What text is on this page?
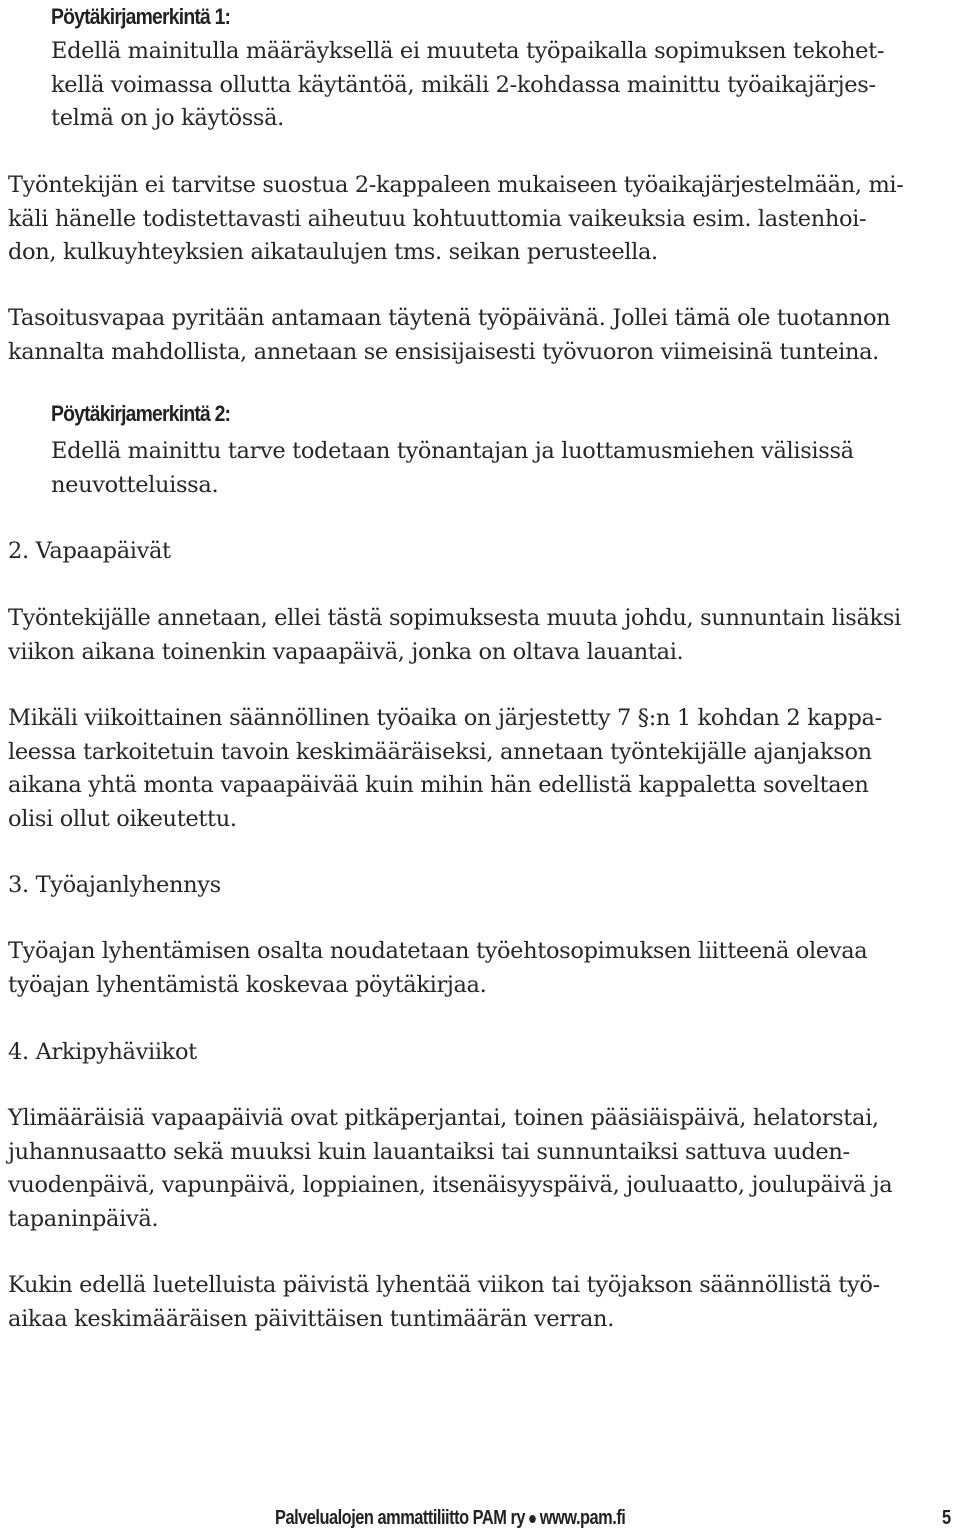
Pöytäkirjamerkintä 1:

Edellä mainitulla määräyksellä ei muuteta työpaikalla sopimuksen tekohet-
kellä voimassa ollutta käytäntöä, mikäli 2-kohdassa mainittu työaikajärjes-
telmä on jo käytössä.

Työntekijän ei tarvitse suostua 2-kappaleen mukaiseen työaikajärjestelmään, mi-
käli hänelle todistettavasti aiheutuu kohtuuttomia vaikeuksia esim. lastenhoi-
don, kulkuyhteyksien aikataulujen tms. seikan perusteella.

Tasoitusvapaa pyritään antamaan täytenä työpäivänä. Jollei tämä ole tuotannon
kannalta mahdollista, annetaan se ensisijaisesti työvuoron viimeisinä tunteina.

Pöytäkirjamerkintä 2:

Edellä mainittu tarve todetaan työnantajan ja luottamusmiehen välisissä
neuvotteluissa.

2. Vapaapäivät

Työntekijälle annetaan, ellei tästä sopimuksesta muuta johdu, sunnuntain lisäksi
viikon aikana toinenkin vapaapäivä, jonka on oltava lauantai.

Mikäli viikoittainen säännöllinen työaika on järjestetty 7 §:n 1 kohdan 2 kappa-
leessa tarkoitetuin tavoin keskimääräiseksi, annetaan työntekijälle ajanjakson
aikana yhtä monta vapaapäivää kuin mihin hän edellistä kappaletta soveltaen
olisi ollut oikeutettu.

3. Työajanlyhennys

Työajan lyhentämisen osalta noudatetaan työehtosopimuksen liitteenä olevaa
työajan lyhentämistä koskevaa pöytäkirjaa.

4. Arkipyhäviikot

Ylimääräisiä vapaapäiviä ovat pitkäperjantai, toinen pääsiäispäivä, helatorstai,
juhannusaatto sekä muuksi kuin lauantaiksi tai sunnuntaiksi sattuva uuden-
vuodenpäivä, vapunpäivä, loppiainen, itsenäisyyspäivä, jouluaatto, joulupäivä ja
tapaninpäivä.

Kukin edellä luetelluista päivistä lyhentää viikon tai työjakson säännöllistä työ-
aikaa keskimääräisen päivittäisen tuntimäärän verran.

Palvelualojen ammattiliitto PAM ry www.pam.fi	5
